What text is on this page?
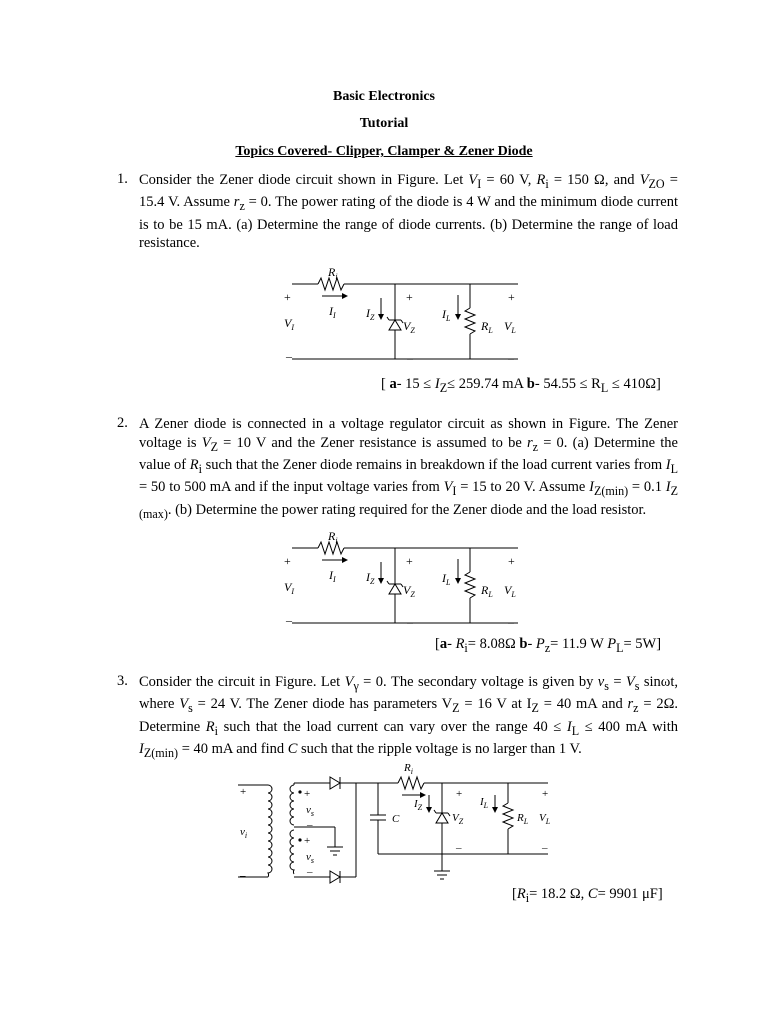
Basic Electronics
Tutorial
Topics Covered- Clipper, Clamper & Zener Diode
1. Consider the Zener diode circuit shown in Figure. Let $V_I = 60$ V, $R_i = 150$ Ω, and $V_{ZO} = 15.4$ V. Assume $r_z = 0$. The power rating of the diode is 4 W and the minimum diode current is to be 15 mA. (a) Determine the range of diode currents. (b) Determine the range of load resistance.
$R_i$
+
$V_I$
–
$I_I$	$I_Z$
+
$V_Z$
–
$I_L$
$R_L$
+
$V_L$
–
[ a- $15 \le I_Z\le 259.74$ mA b- $54.55 \le R_L \le 410\Omega$]
2. A Zener diode is connected in a voltage regulator circuit as shown in Figure. The Zener voltage is $V_Z = 10$ V and the Zener resistance is assumed to be $r_z = 0$. (a) Determine the value of $R_i$ such that the Zener diode remains in breakdown if the load current varies from $I_L = 50$ to 500 mA and if the input voltage varies from $V_I = 15$ to 20 V. Assume $I_{Z(min)} = 0.1$ $I_{Z (max)}$. (b) Determine the power rating required for the Zener diode and the load resistor.
$R_i$
+
$V_I$
–
$I_I$	$I_Z$
+
$V_Z$
–
$I_L$
$R_L$
+
$V_L$
–
[a- $R_i= 8.08\Omega$ b- $P_z= 11.9$ W $P_L= 5W$]
3. Consider the circuit in Figure. Let $V_\gamma = 0$. The secondary voltage is given by $v_s = V_s$ sinωt, where $V_s = 24$ V. The Zener diode has parameters $V_Z = 16$ V at $I_Z = 40$ mA and $r_z = 2\Omega$. Determine $R_i$ such that the load current can vary over the range $40 \le I_L \le 400$ mA with $I_{Z(min)} = 40$ mA and find C such that the ripple voltage is no larger than 1 V.
+
$v_i$
–
+
$v_s$
–
+
$v_s$
–
C
$R_i$
$I_Z$
+
$V_Z$
–
$I_L$
$R_L$
+
$V_L$
–
[$R_i= 18.2$ Ω, C= 9901 μF]
